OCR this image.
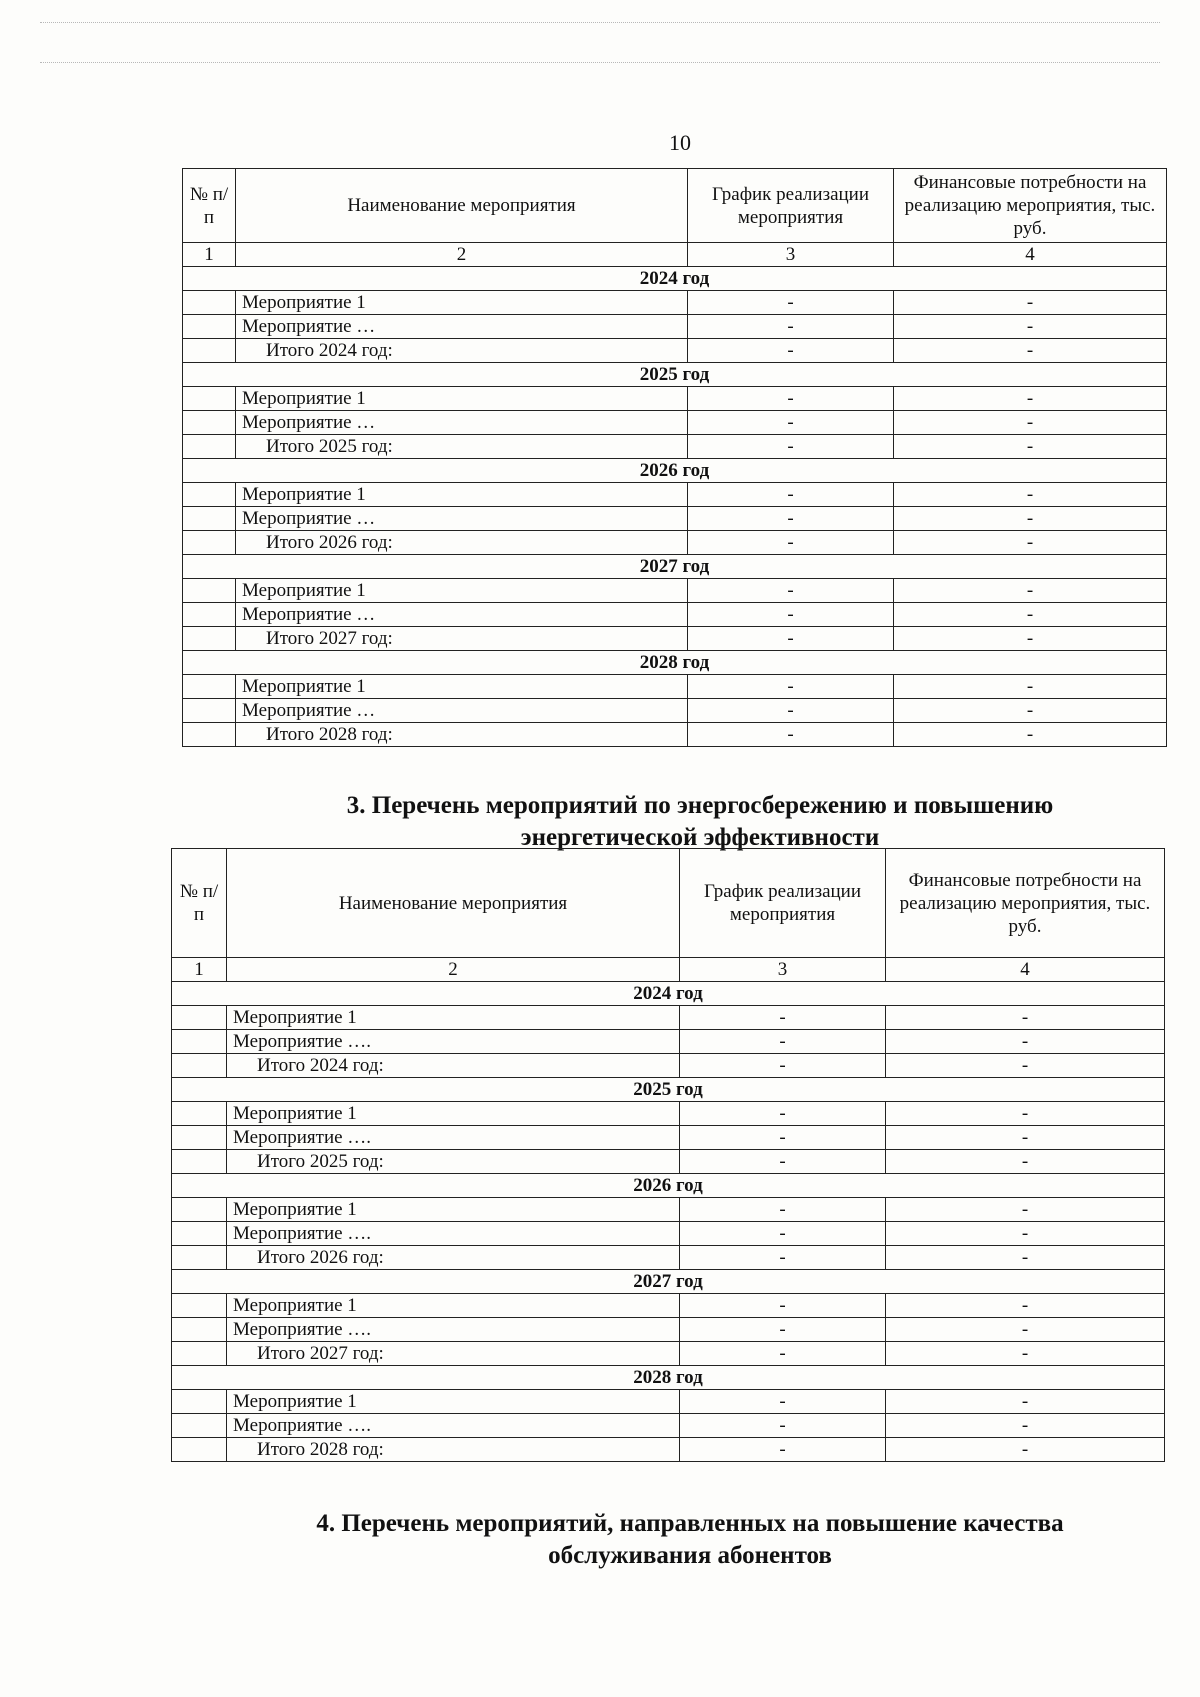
10
№ п/п	Наименование мероприятия	График реализации мероприятия	Финансовые потребности на реализацию мероприятия, тыс. руб.
1	2	3	4
2024 год			
	Мероприятие 1	-	-
	Мероприятие …	-	-
	Итого 2024 год:	-	-
2025 год			
	Мероприятие 1	-	-
	Мероприятие …	-	-
	Итого 2025 год:	-	-
2026 год			
	Мероприятие 1	-	-
	Мероприятие …	-	-
	Итого 2026 год:	-	-
2027 год			
	Мероприятие 1	-	-
	Мероприятие …	-	-
	Итого 2027 год:	-	-
2028 год			
	Мероприятие 1	-	-
	Мероприятие …	-	-
	Итого 2028 год:	-	-
3. Перечень мероприятий по энергосбережению и повышению
энергетической эффективности
№ п/п	Наименование мероприятия	График реализации мероприятия	Финансовые потребности на реализацию мероприятия, тыс. руб.
1	2	3	4
2024 год			
	Мероприятие 1	-	-
	Мероприятие ….	-	-
	Итого 2024 год:	-	-
2025 год			
	Мероприятие 1	-	-
	Мероприятие ….	-	-
	Итого 2025 год:	-	-
2026 год			
	Мероприятие 1	-	-
	Мероприятие ….	-	-
	Итого 2026 год:	-	-
2027 год			
	Мероприятие 1	-	-
	Мероприятие ….	-	-
	Итого 2027 год:	-	-
2028 год			
	Мероприятие 1	-	-
	Мероприятие ….	-	-
	Итого 2028 год:	-	-
4. Перечень мероприятий, направленных на повышение качества
обслуживания абонентов
